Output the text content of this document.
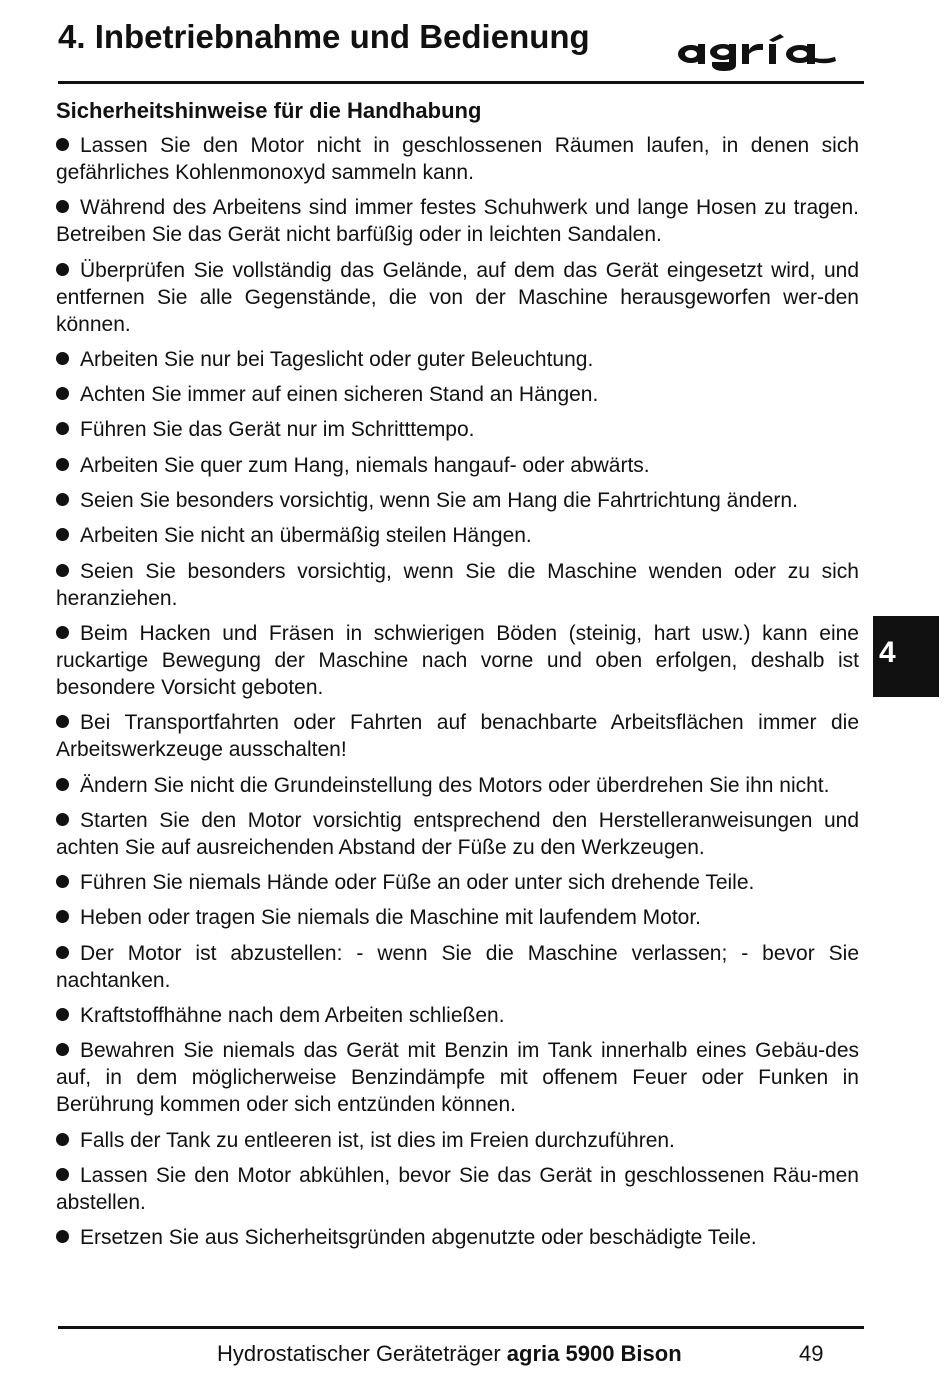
4. Inbetriebnahme und Bedienung
Sicherheitshinweise für die Handhabung
Lassen Sie den Motor nicht in geschlossenen Räumen laufen, in denen sich gefährliches Kohlenmonoxyd sammeln kann.
Während des Arbeitens sind immer festes Schuhwerk und lange Hosen zu tragen. Betreiben Sie das Gerät nicht barfüßig oder in leichten Sandalen.
Überprüfen Sie vollständig das Gelände, auf dem das Gerät eingesetzt wird, und entfernen Sie alle Gegenstände, die von der Maschine herausgeworfen wer-den können.
Arbeiten Sie nur bei Tageslicht oder guter Beleuchtung.
Achten Sie immer auf einen sicheren Stand an Hängen.
Führen Sie das Gerät nur im Schritttempo.
Arbeiten Sie quer zum Hang, niemals hangauf- oder abwärts.
Seien Sie besonders vorsichtig, wenn Sie am Hang die Fahrtrichtung ändern.
Arbeiten Sie nicht an übermäßig steilen Hängen.
Seien Sie besonders vorsichtig, wenn Sie die Maschine wenden oder zu sich heranziehen.
Beim Hacken und Fräsen in schwierigen Böden (steinig, hart usw.) kann eine ruckartige Bewegung der Maschine nach vorne und oben erfolgen, deshalb ist besondere Vorsicht geboten.
Bei Transportfahrten oder Fahrten auf benachbarte Arbeitsflächen immer die Arbeitswerkzeuge ausschalten!
Ändern Sie nicht die Grundeinstellung des Motors oder überdrehen Sie ihn nicht.
Starten Sie den Motor vorsichtig entsprechend den Herstelleranweisungen und achten Sie auf ausreichenden Abstand der Füße zu den Werkzeugen.
Führen Sie niemals Hände oder Füße an oder unter sich drehende Teile.
Heben oder tragen Sie niemals die Maschine mit laufendem Motor.
Der Motor ist abzustellen: - wenn Sie die Maschine verlassen; - bevor Sie nachtanken.
Kraftstoffhähne nach dem Arbeiten schließen.
Bewahren Sie niemals das Gerät mit Benzin im Tank innerhalb eines Gebäu-des auf, in dem möglicherweise Benzindämpfe mit offenem Feuer oder Funken in Berührung kommen oder sich entzünden können.
Falls der Tank zu entleeren ist, ist dies im Freien durchzuführen.
Lassen Sie den Motor abkühlen, bevor Sie das Gerät in geschlossenen Räu-men abstellen.
Ersetzen Sie aus Sicherheitsgründen abgenutzte oder beschädigte Teile.
4
Hydrostatischer Geräteträger agria 5900 Bison	49
